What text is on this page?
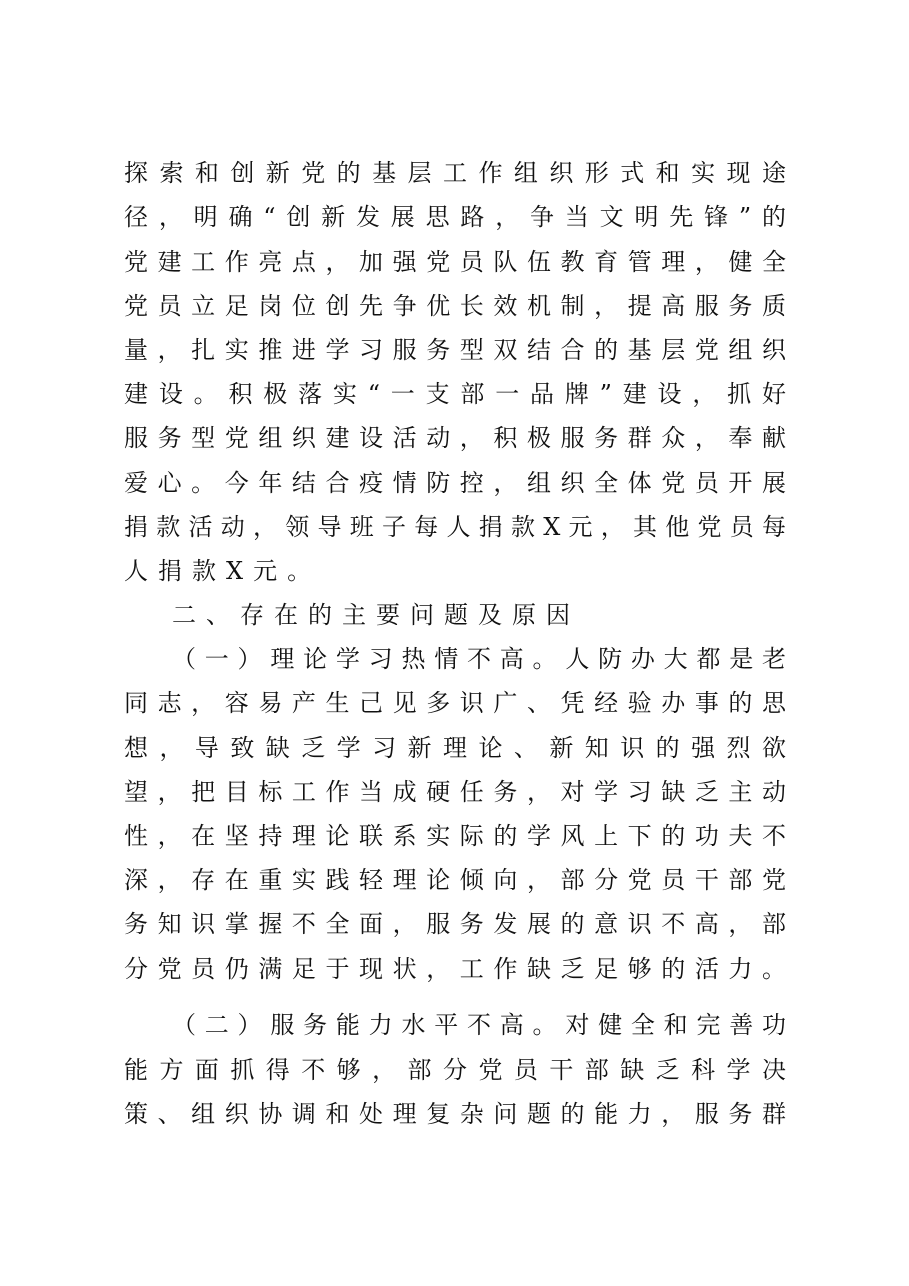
探索和创新党的基层工作组织形式和实现途
径，明确“创新发展思路，争当文明先锋”的
党建工作亮点，加强党员队伍教育管理，健全
党员立足岗位创先争优长效机制，提高服务质
量，扎实推进学习服务型双结合的基层党组织
建设。积极落实“一支部一品牌”建设，抓好
服务型党组织建设活动，积极服务群众，奉献
爱心。今年结合疫情防控，组织全体党员开展
捐款活动，领导班子每人捐款X元，其他党员每
人捐款X元。
二、存在的主要问题及原因
（一）理论学习热情不高。人防办大都是老
同志，容易产生己见多识广、凭经验办事的思
想，导致缺乏学习新理论、新知识的强烈欲
望，把目标工作当成硬任务，对学习缺乏主动
性，在坚持理论联系实际的学风上下的功夫不
深，存在重实践轻理论倾向，部分党员干部党
务知识掌握不全面，服务发展的意识不高，部
分党员仍满足于现状，工作缺乏足够的活力。
（二）服务能力水平不高。对健全和完善功
能方面抓得不够，部分党员干部缺乏科学决
策、组织协调和处理复杂问题的能力，服务群
